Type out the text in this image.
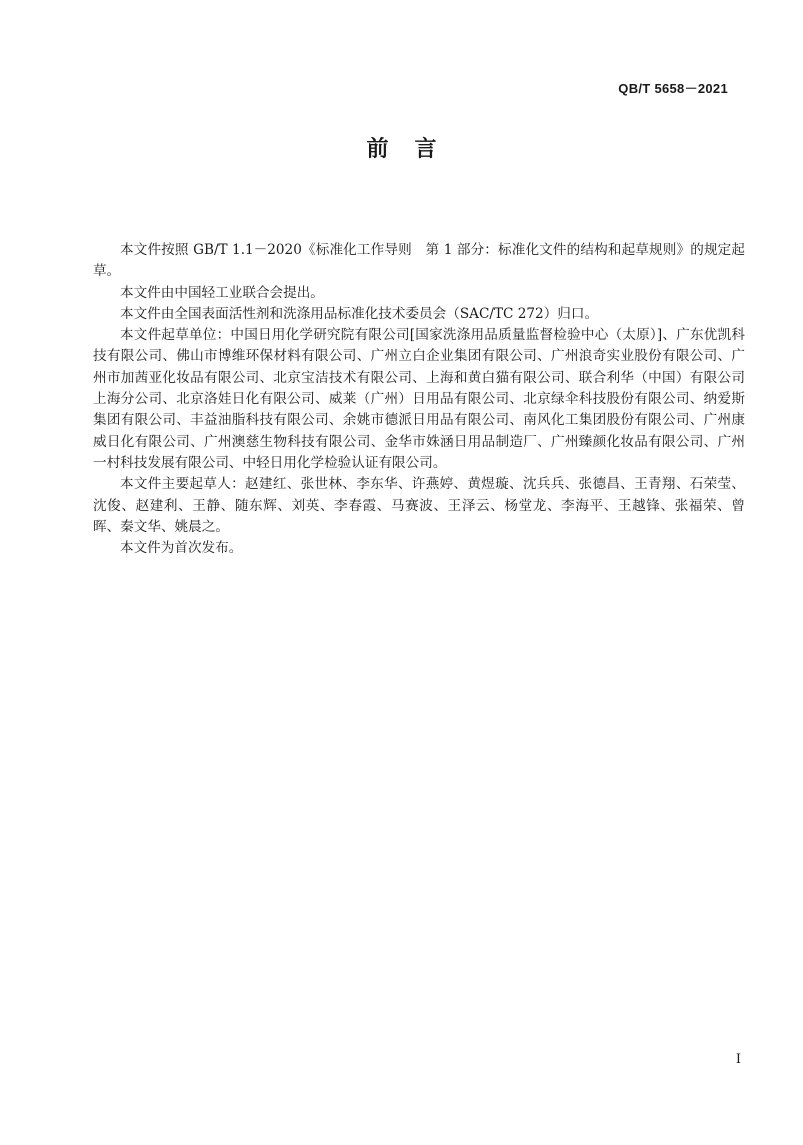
QB/T 5658－2021
前 言

本文件按照 GB/T 1.1－2020《标准化工作导则　第 1 部分：标准化文件的结构和起草规则》的规定起草。

本文件由中国轻工业联合会提出。

本文件由全国表面活性剂和洗涤用品标准化技术委员会（SAC/TC 272）归口。

本文件起草单位：中国日用化学研究院有限公司[国家洗涤用品质量监督检验中心（太原）]、广东优凯科技有限公司、佛山市博维环保材料有限公司、广州立白企业集团有限公司、广州浪奇实业股份有限公司、广州市加茜亚化妆品有限公司、北京宝洁技术有限公司、上海和黄白猫有限公司、联合利华（中国）有限公司上海分公司、北京洛娃日化有限公司、威莱（广州）日用品有限公司、北京绿伞科技股份有限公司、纳爱斯集团有限公司、丰益油脂科技有限公司、余姚市德派日用品有限公司、南风化工集团股份有限公司、广州康威日化有限公司、广州澳慈生物科技有限公司、金华市姝涵日用品制造厂、广州臻颜化妆品有限公司、广州一村科技发展有限公司、中轻日用化学检验认证有限公司。

本文件主要起草人：赵建红、张世林、李东华、许燕婷、黄煜璇、沈兵兵、张德昌、王青翔、石荣莹、沈俊、赵建利、王静、随东辉、刘英、李春霞、马赛波、王泽云、杨堂龙、李海平、王越锋、张福荣、曾晖、秦文华、姚晨之。

本文件为首次发布。

I
